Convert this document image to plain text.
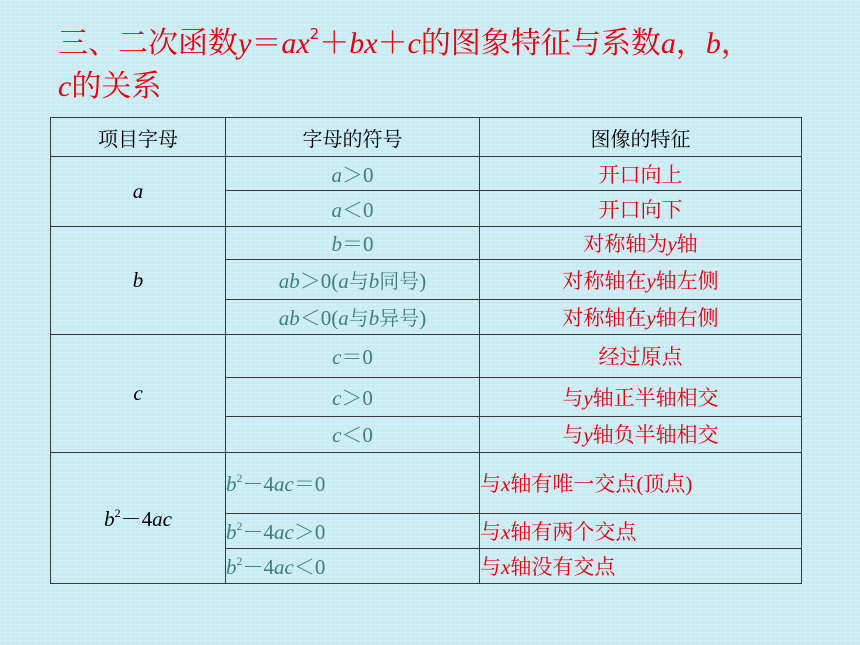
三、二次函数$y=ax^2+bx+c$的图象特征与系数a，b，
c的关系
项目字母	字母的符号	图像的特征
a	a＞0	开口向上
	a＜0	开口向下
b	b＝0	对称轴为y轴
	ab＞0(a与b同号)	对称轴在y轴左侧
	ab＜0(a与b异号)	对称轴在y轴右侧
c	c＝0	经过原点
	c＞0	与y轴正半轴相交
	c＜0	与y轴负半轴相交
$b^2-4ac$	$b^2-4ac=0$	与x轴有唯一交点(顶点)
	$b^2-4ac>0$	与x轴有两个交点
	$b^2-4ac<0$	与x轴没有交点
